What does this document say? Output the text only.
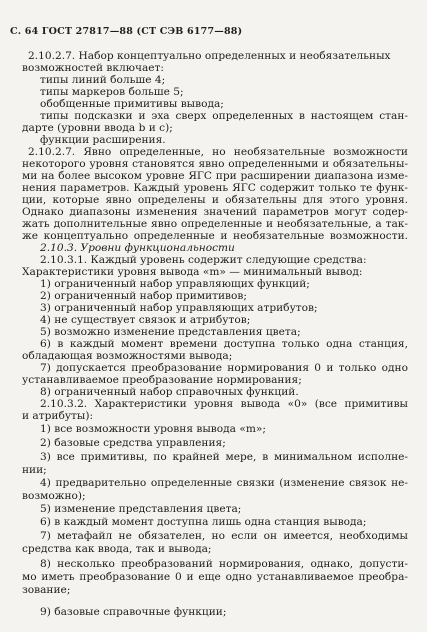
С. 64 ГОСТ 27817—88 (СТ СЭВ 6177—88)
2.10.2.7. Набор концептуально определенных и необязательных
возможностей включает:
типы линий больше 4;
типы маркеров больше 5;
обобщенные примитивы вывода;
типы подсказки и эха сверх определенных в настоящем стан-
дарте (уровни ввода b и c);
функции расширения.
2.10.2.7. Явно определенные, но необязательные возможности
некоторого уровня становятся явно определенными и обязательны-
ми на более высоком уровне ЯГС при расширении диапазона изме-
нения параметров. Каждый уровень ЯГС содержит только те функ-
ции, которые явно определены и обязательны для этого уровня.
Однако диапазоны изменения значений параметров могут содер-
жать дополнительные явно определенные и необязательные, а так-
же концептуально определенные и необязательные возможности.
2.10.3. Уровни функциональности
2.10.3.1. Каждый уровень содержит следующие средства:
Характеристики уровня вывода «m» — минимальный вывод:
1) ограниченный набор управляющих функций;
2) ограниченный набор примитивов;
3) ограниченный набор управляющих атрибутов;
4) не существует связок и атрибутов;
5) возможно изменение представления цвета;
6) в каждый момент времени доступна только одна станция,
обладающая возможностями вывода;
7) допускается преобразование нормирования 0 и только одно
устанавливаемое преобразование нормирования;
8) ограниченный набор справочных функций.
2.10.3.2. Характеристики уровня вывода «0» (все примитивы
и атрибуты):
1) все возможности уровня вывода «m»;
2) базовые средства управления;
3) все примитивы, по крайней мере, в минимальном исполне-
нии;
4) предварительно определенные связки (изменение связок не-
возможно);
5) изменение представления цвета;
6) в каждый момент доступна лишь одна станция вывода;
7) метафайл не обязателен, но если он имеется, необходимы
средства как ввода, так и вывода;
8) несколько преобразований нормирования, однако, допусти-
мо иметь преобразование 0 и еще одно устанавливаемое преобра-
зование;
9) базовые справочные функции;
